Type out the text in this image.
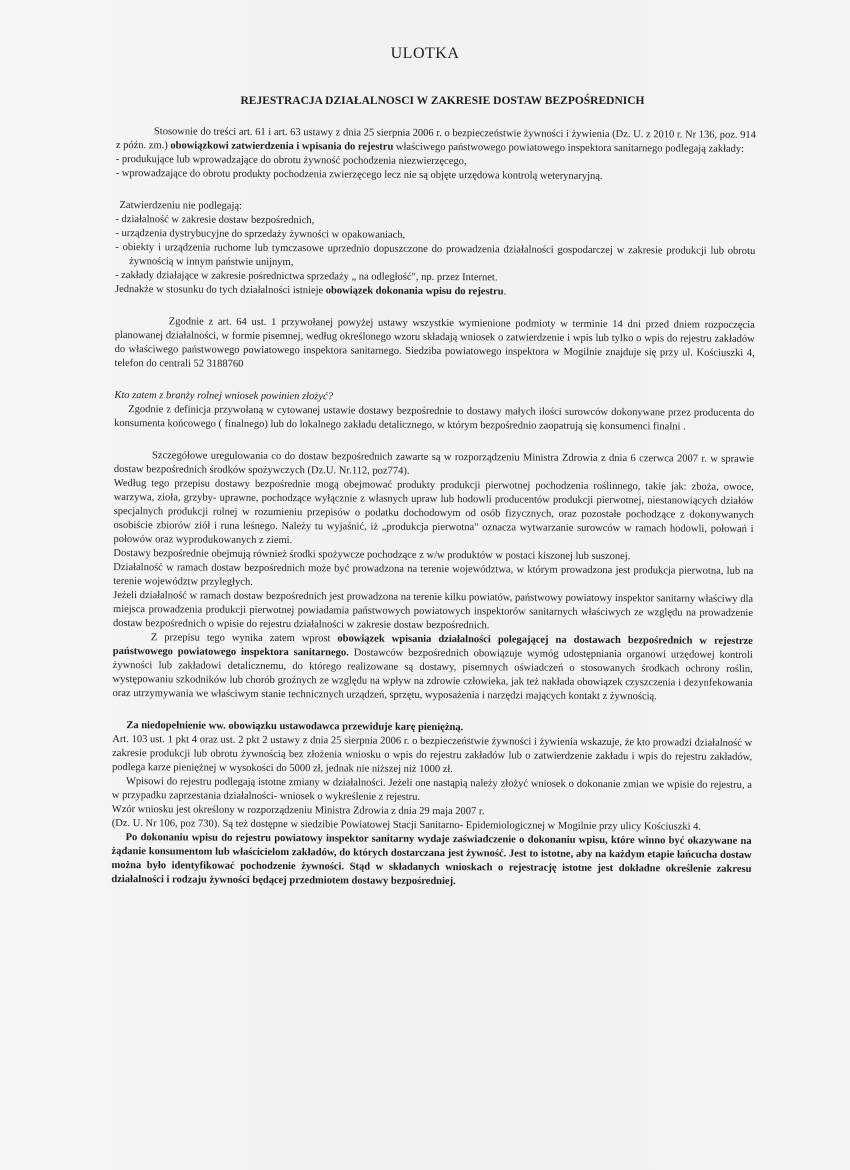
ULOTKA
REJESTRACJA DZIAŁALNOSCI W ZAKRESIE DOSTAW BEZPOŚREDNICH

Stosownie do treści art. 61 i art. 63 ustawy z dnia 25 sierpnia 2006 r. o bezpieczeństwie żywności i żywienia (Dz. U. z 2010 r. Nr 136, poz. 914 z późn. zm.) obowiązkowi zatwierdzenia i wpisania do rejestru właściwego państwowego powiatowego inspektora sanitarnego podlegają zakłady:

- produkujące lub wprowadzające do obrotu żywność pochodzenia niezwierzęcego,

- wprowadzające do obrotu produkty pochodzenia zwierzęcego lecz nie są objęte urzędowa kontrolą weterynaryjną.

Zatwierdzeniu nie podlegają:

- działalność w zakresie dostaw bezpośrednich,

- urządzenia dystrybucyjne do sprzedaży żywności w opakowaniach,

- obiekty i urządzenia ruchome lub tymczasowe uprzednio dopuszczone do prowadzenia działalności gospodarczej w zakresie produkcji lub obrotu żywnością w innym państwie unijnym,

- zakłady działające w zakresie pośrednictwa sprzedaży „ na odległość", np. przez Internet.

Jednakże w stosunku do tych działalności istnieje obowiązek dokonania wpisu do rejestru.

Zgodnie z art. 64 ust. 1 przywołanej powyżej ustawy wszystkie wymienione podmioty w terminie 14 dni przed dniem rozpoczęcia planowanej działalności, w formie pisemnej, według określonego wzoru składają wniosek o zatwierdzenie i wpis lub tylko o wpis do rejestru zakładów do właściwego państwowego powiatowego inspektora sanitarnego. Siedziba powiatowego inspektora w Mogilnie znajduje się przy ul. Kościuszki 4, telefon do centrali 52 3188760

Kto zatem z branży rolnej wniosek powinien złożyć?

Zgodnie z definicja przywołaną w cytowanej ustawie dostawy bezpośrednie to dostawy małych ilości surowców dokonywane przez producenta do konsumenta końcowego ( finalnego) lub do lokalnego zakładu detalicznego, w którym bezpośrednio zaopatrują się konsumenci finalni .

Szczegółowe uregulowania co do dostaw bezpośrednich zawarte są w rozporządzeniu Ministra Zdrowia z dnia 6 czerwca 2007 r. w sprawie dostaw bezpośrednich środków spożywczych (Dz.U. Nr.112, poz774).

Według tego przepisu dostawy bezpośrednie mogą obejmować produkty produkcji pierwotnej pochodzenia roślinnego, takie jak: zboża, owoce, warzywa, zioła, grzyby- uprawne, pochodzące wyłącznie z własnych upraw lub hodowli producentów produkcji pierwotnej, niestanowiących działów specjalnych produkcji rolnej w rozumieniu przepisów o podatku dochodowym od osób fizycznych, oraz pozostałe pochodzące z dokonywanych osobiście zbiorów ziół i runa leśnego. Należy tu wyjaśnić, iż „produkcja pierwotna" oznacza wytwarzanie surowców w ramach hodowli, połowań i połowów oraz wyprodukowanych z ziemi.

Dostawy bezpośrednie obejmują również środki spożywcze pochodzące z w/w produktów w postaci kiszonej lub suszonej.

Działalność w ramach dostaw bezpośrednich może być prowadzona na terenie województwa, w którym prowadzona jest produkcja pierwotna, lub na terenie województw przyległych.

Jeżeli działalność w ramach dostaw bezpośrednich jest prowadzona na terenie kilku powiatów, państwowy powiatowy inspektor sanitarny właściwy dla miejsca prowadzenia produkcji pierwotnej powiadamia państwowych powiatowych inspektorów sanitarnych właściwych ze względu na prowadzenie dostaw bezpośrednich o wpisie do rejestru działalności w zakresie dostaw bezpośrednich.

Z przepisu tego wynika zatem wprost obowiązek wpisania działalności polegającej na dostawach bezpośrednich w rejestrze państwowego powiatowego inspektora sanitarnego. Dostawców bezpośrednich obowiązuje wymóg udostępniania organowi urzędowej kontroli żywności lub zakładowi detalicznemu, do którego realizowane są dostawy, pisemnych oświadczeń o stosowanych środkach ochrony roślin, występowaniu szkodników lub chorób groźnych ze względu na wpływ na zdrowie człowieka, jak też nakłada obowiązek czyszczenia i dezynfekowania oraz utrzymywania we właściwym stanie technicznych urządzeń, sprzętu, wyposażenia i narzędzi mających kontakt z żywnością.

Za niedopełnienie ww. obowiązku ustawodawca przewiduje karę pieniężną.

Art. 103 ust. 1 pkt 4 oraz ust. 2 pkt 2 ustawy z dnia 25 sierpnia 2006 r. o bezpieczeństwie żywności i żywienia wskazuje, że kto prowadzi działalność w zakresie produkcji lub obrotu żywnością bez złożenia wniosku o wpis do rejestru zakładów lub o zatwierdzenie zakładu i wpis do rejestru zakładów, podlega karze pieniężnej w wysokości do 5000 zł, jednak nie niższej niż 1000 zł.

Wpisowi do rejestru podlegają istotne zmiany w działalności. Jeżeli one nastąpią należy złożyć wniosek o dokonanie zmian we wpisie do rejestru, a w przypadku zaprzestania działalności- wniosek o wykreślenie z rejestru.

Wzór wniosku jest określony w rozporządzeniu Ministra Zdrowia z dnia 29 maja 2007 r.

(Dz. U. Nr 106, poz 730). Są też dostępne w siedzibie Powiatowej Stacji Sanitarno- Epidemiologicznej w Mogilnie przy ulicy Kościuszki 4.

Po dokonaniu wpisu do rejestru powiatowy inspektor sanitarny wydaje zaświadczenie o dokonaniu wpisu, które winno być okazywane na żądanie konsumentom lub właścicielom zakładów, do których dostarczana jest żywność. Jest to istotne, aby na każdym etapie łańcucha dostaw można było identyfikować pochodzenie żywności. Stąd w składanych wnioskach o rejestrację istotne jest dokładne określenie zakresu działalności i rodzaju żywności będącej przedmiotem dostawy bezpośredniej.
